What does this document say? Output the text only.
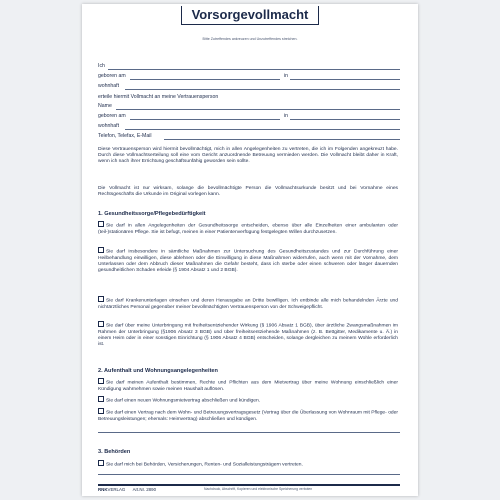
Vorsorgevollmacht
Bitte Zutreffendes ankreuzen und Unzutreffendes streichen.
Ich
geboren am	in
wohnhaft
erteile hiermit Vollmacht an meine Vertrauensperson
Name
geboren am	in
wohnhaft
Telefon, Telefax, E-Mail
Diese Vertrauensperson wird hiermit bevollmächtigt, mich in allen Angelegenheiten zu vertreten, die ich im Folgenden angekreuzt habe. Durch diese Vollmachtserteilung soll eine vom Gericht anzuordnende Betreuung vermieden werden. Die Vollmacht bleibt daher in Kraft, wenn ich nach ihrer Errichtung geschäftsunfähig geworden sein sollte.
Die Vollmacht ist nur wirksam, solange die bevollmächtigte Person die Vollmachtsurkunde besitzt und bei Vornahme eines Rechtsgeschäfts die Urkunde im Original vorlegen kann.
1. Gesundheitssorge/Pflegebedürftigkeit
Sie darf in allen Angelegenheiten der Gesundheitssorge entscheiden, ebenso über alle Einzelheiten einer ambulanten oder (teil-)stationären Pflege. Sie ist befugt, meinen in einer Patientenverfügung festgelegten Willen durchzusetzen.
Sie darf insbesondere in sämtliche Maßnahmen zur Untersuchung des Gesundheitszustandes und zur Durchführung einer Heilbehandlung einwilligen, diese ablehnen oder die Einwilligung in diese Maßnahmen widerrufen, auch wenn mit der Vornahme, dem Unterlassen oder dem Abbruch dieser Maßnahmen die Gefahr besteht, dass ich sterbe oder einen schweren oder länger dauernden gesundheitlichen Schaden erleide (§ 1904 Absatz 1 und 2 BGB).
Sie darf Krankenunterlagen einsehen und deren Herausgabe an Dritte bewilligen. Ich entbinde alle mich behandelnden Ärzte und nichtärztliches Personal gegenüber meiner bevollmächtigten Vertrauensperson von der Schweigepflicht.
Sie darf über meine Unterbringung mit freiheitsentziehender Wirkung (§ 1906 Absatz 1 BGB), über ärztliche Zwangsmaßnahmen im Rahmen der Unterbringung (§1906 Absatz 3 BGB) und über freiheitsentziehende Maßnahmen (z. B. Bettgitter, Medikamente u. Ä.) in einem Heim oder in einer sonstigen Einrichtung (§ 1906 Absatz 4 BGB) entscheiden, solange dergleichen zu meinem Wohle erforderlich ist.
2. Aufenthalt und Wohnungsangelegenheiten
Sie darf meinen Aufenthalt bestimmen, Rechte und Pflichten aus dem Mietvertrag über meine Wohnung einschließlich einer Kündigung wahrnehmen sowie meinen Haushalt auflösen.
Sie darf einen neuen Wohnungsmietvertrag abschließen und kündigen.
Sie darf einen Vertrag nach dem Wohn- und Betreuungsvertragsgesetz (Vertrag über die Überlassung von Wohnraum mit Pflege- oder Betreuungsleistungen; ehemals: Heimvertrag) abschließen und kündigen.
3. Behörden
Sie darf mich bei Behörden, Versicherungen, Renten- und Sozialleistungsträgern vertreten.
RNKVERLAG Art.Nr. 2890	Nachdruck, Abschrift, Kopieren und elektronische Speicherung verboten
